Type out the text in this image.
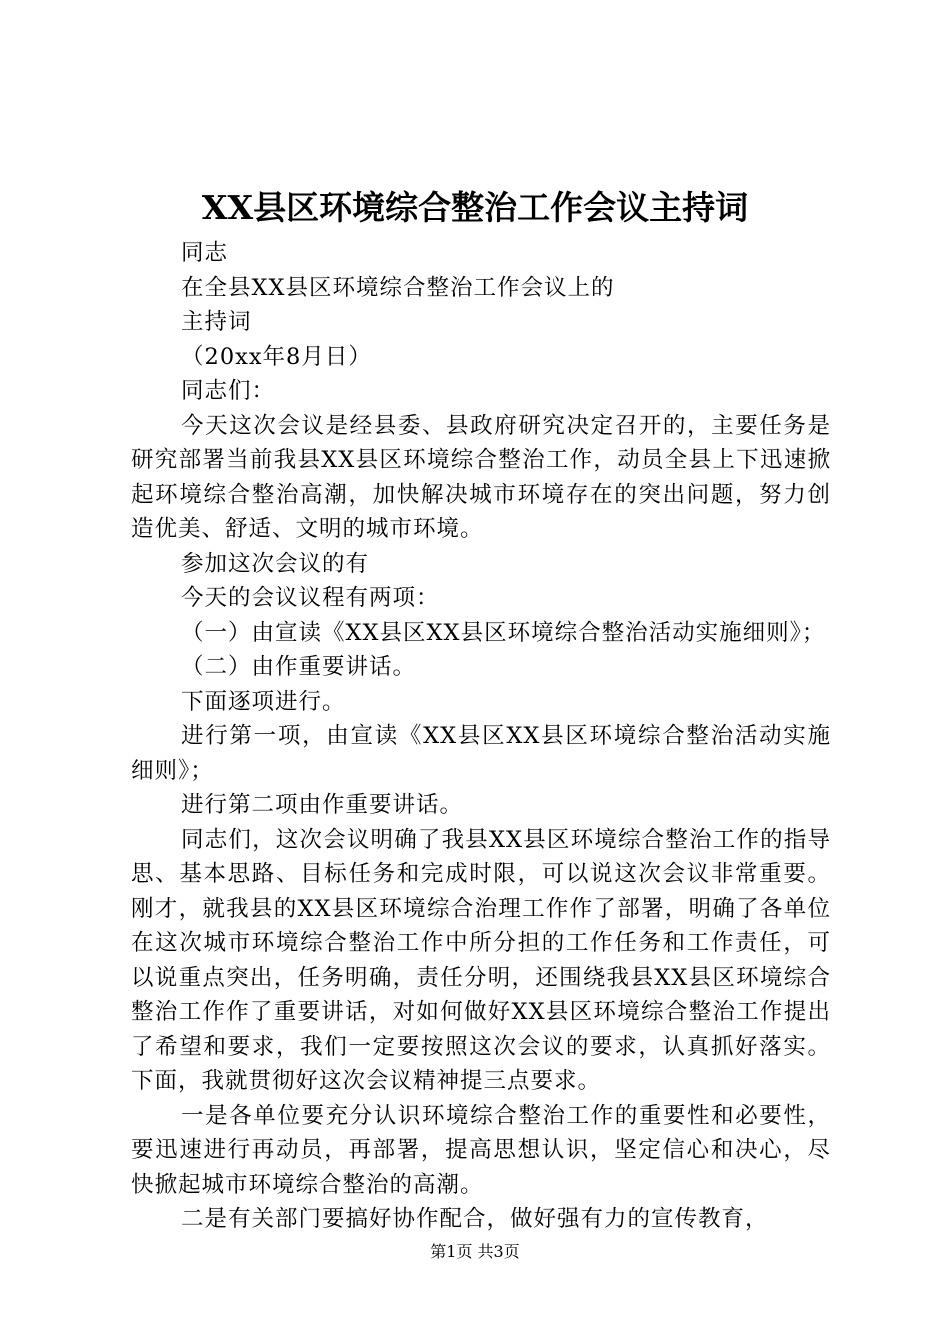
XX县区环境综合整治工作会议主持词

同志

在全县XX县区环境综合整治工作会议上的

主持词

（20xx年8月日）

同志们：

今天这次会议是经县委、县政府研究决定召开的，主要任务是研究部署当前我县XX县区环境综合整治工作，动员全县上下迅速掀起环境综合整治高潮，加快解决城市环境存在的突出问题，努力创造优美、舒适、文明的城市环境。

参加这次会议的有

今天的会议议程有两项：

（一）由宣读《XX县区XX县区环境综合整治活动实施细则》；

（二）由作重要讲话。

下面逐项进行。

进行第一项，由宣读《XX县区XX县区环境综合整治活动实施细则》；

进行第二项由作重要讲话。

同志们，这次会议明确了我县XX县区环境综合整治工作的指导思、基本思路、目标任务和完成时限，可以说这次会议非常重要。刚才，就我县的XX县区环境综合治理工作作了部署，明确了各单位在这次城市环境综合整治工作中所分担的工作任务和工作责任，可以说重点突出，任务明确，责任分明，还围绕我县XX县区环境综合整治工作作了重要讲话，对如何做好XX县区环境综合整治工作提出了希望和要求，我们一定要按照这次会议的要求，认真抓好落实。下面，我就贯彻好这次会议精神提三点要求。

一是各单位要充分认识环境综合整治工作的重要性和必要性，要迅速进行再动员，再部署，提高思想认识，坚定信心和决心，尽快掀起城市环境综合整治的高潮。

二是有关部门要搞好协作配合，做好强有力的宣传教育，

第1页 共3页
